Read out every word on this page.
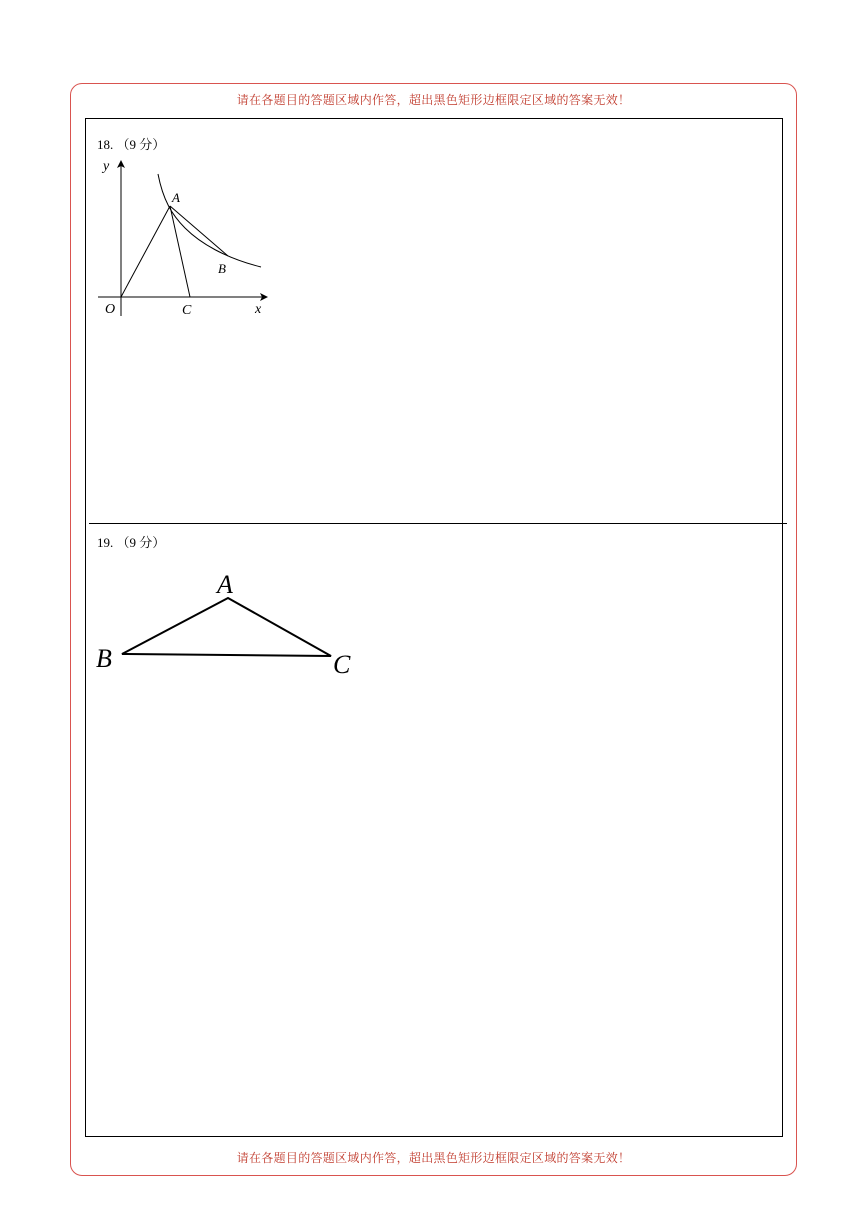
请在各题目的答题区域内作答，超出黑色矩形边框限定区域的答案无效！
18. （9 分）
19. （9 分）
y
A
B
O	C	x
A
B	C
请在各题目的答题区域内作答，超出黑色矩形边框限定区域的答案无效！
